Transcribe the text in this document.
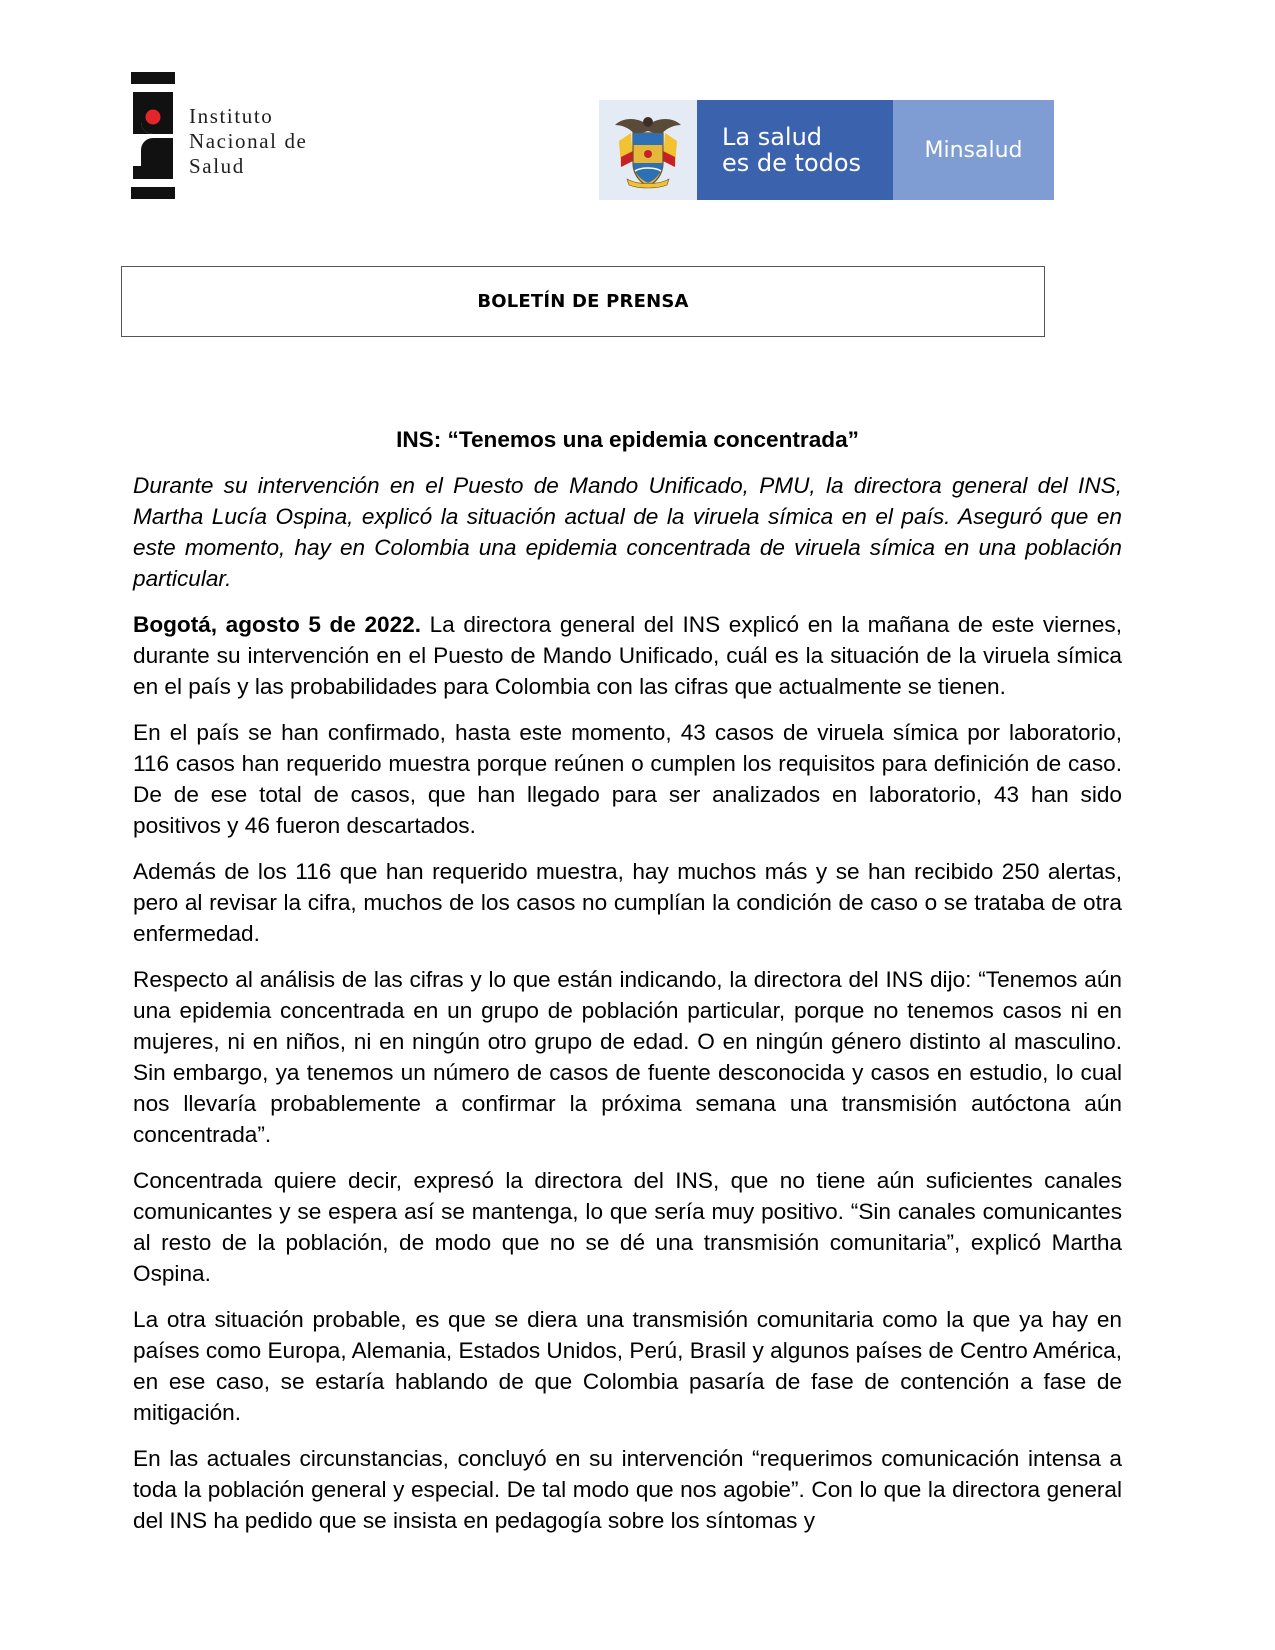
Instituto
Nacional de
Salud
La salud
es de todos	Minsalud
BOLETÍN DE PRENSA
INS: “Tenemos una epidemia concentrada”

Durante su intervención en el Puesto de Mando Unificado, PMU, la directora general del INS, Martha Lucía Ospina, explicó la situación actual de la viruela símica en el país. Aseguró que en este momento, hay en Colombia una epidemia concentrada de viruela símica en una población particular.

Bogotá, agosto 5 de 2022. La directora general del INS explicó en la mañana de este viernes, durante su intervención en el Puesto de Mando Unificado, cuál es la situación de la viruela símica en el país y las probabilidades para Colombia con las cifras que actualmente se tienen.

En el país se han confirmado, hasta este momento, 43 casos de viruela símica por laboratorio, 116 casos han requerido muestra porque reúnen o cumplen los requisitos para definición de caso. De de ese total de casos, que han llegado para ser analizados en laboratorio, 43 han sido positivos y 46 fueron descartados.

Además de los 116 que han requerido muestra, hay muchos más y se han recibido 250 alertas, pero al revisar la cifra, muchos de los casos no cumplían la condición de caso o se trataba de otra enfermedad.

Respecto al análisis de las cifras y lo que están indicando, la directora del INS dijo: “Tenemos aún una epidemia concentrada en un grupo de población particular, porque no tenemos casos ni en mujeres, ni en niños, ni en ningún otro grupo de edad. O en ningún género distinto al masculino. Sin embargo, ya tenemos un número de casos de fuente desconocida y casos en estudio, lo cual nos llevaría probablemente a confirmar la próxima semana una transmisión autóctona aún concentrada”.

Concentrada quiere decir, expresó la directora del INS, que no tiene aún suficientes canales comunicantes y se espera así se mantenga, lo que sería muy positivo. “Sin canales comunicantes al resto de la población, de modo que no se dé una transmisión comunitaria”, explicó Martha Ospina.

La otra situación probable, es que se diera una transmisión comunitaria como la que ya hay en países como Europa, Alemania, Estados Unidos, Perú, Brasil y algunos países de Centro América, en ese caso, se estaría hablando de que Colombia pasaría de fase de contención a fase de mitigación.

En las actuales circunstancias, concluyó en su intervención “requerimos comunicación intensa a toda la población general y especial. De tal modo que nos agobie”. Con lo que la directora general del INS ha pedido que se insista en pedagogía sobre los síntomas y
